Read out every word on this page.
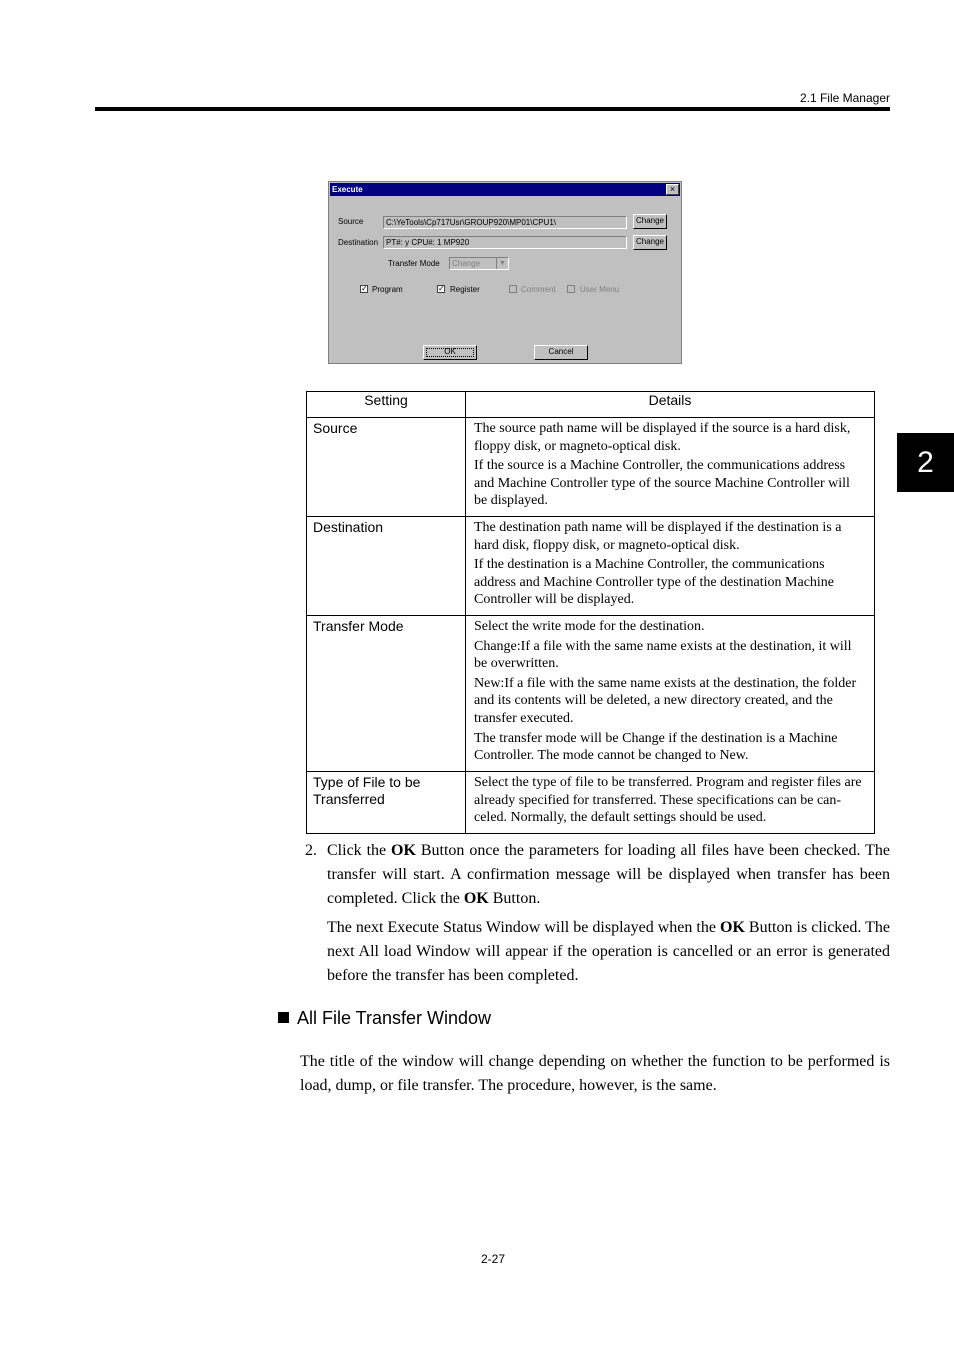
2.1 File Manager
2
Execute	×
Source	C:\YeTools\Cp717Usr\GROUP920\MP01\CPU1\	Change
Destination PT#: y CPU#: 1 MP920	Change
Transfer Mode	Change	▼
✓ Program	✓ Register	Comment	User Menu
OK	Cancel
Setting	Details
Source	The source path name will be displayed if the source is a hard disk, floppy disk, or magneto-optical disk.

If the source is a Machine Controller, the communications address and Machine Controller type of the source Machine Controller will be displayed.

Destination	The destination path name will be displayed if the destination is a hard disk, floppy disk, or magneto-optical disk.

If the destination is a Machine Controller, the communications address and Machine Controller type of the destination Machine Controller will be displayed.

Transfer Mode	Select the write mode for the destination.

Change:If a file with the same name exists at the destination, it will be overwritten.

New:If a file with the same name exists at the destination, the folder and its contents will be deleted, a new directory created, and the transfer executed.

The transfer mode will be Change if the destination is a Machine Controller. The mode cannot be changed to New.

Type of File to be Transferred	Select the type of file to be transferred. Program and register files are already specified for transferred. These specifications can be can-celed. Normally, the default settings should be used.

2. Click the OK Button once the parameters for loading all files have been checked. The transfer will start. A confirmation message will be displayed when transfer has been completed. Click the OK Button.

The next Execute Status Window will be displayed when the OK Button is clicked. The next All load Window will appear if the operation is cancelled or an error is generated before the transfer has been completed.

All File Transfer Window
The title of the window will change depending on whether the function to be performed is load, dump, or file transfer. The procedure, however, is the same.
2-27
